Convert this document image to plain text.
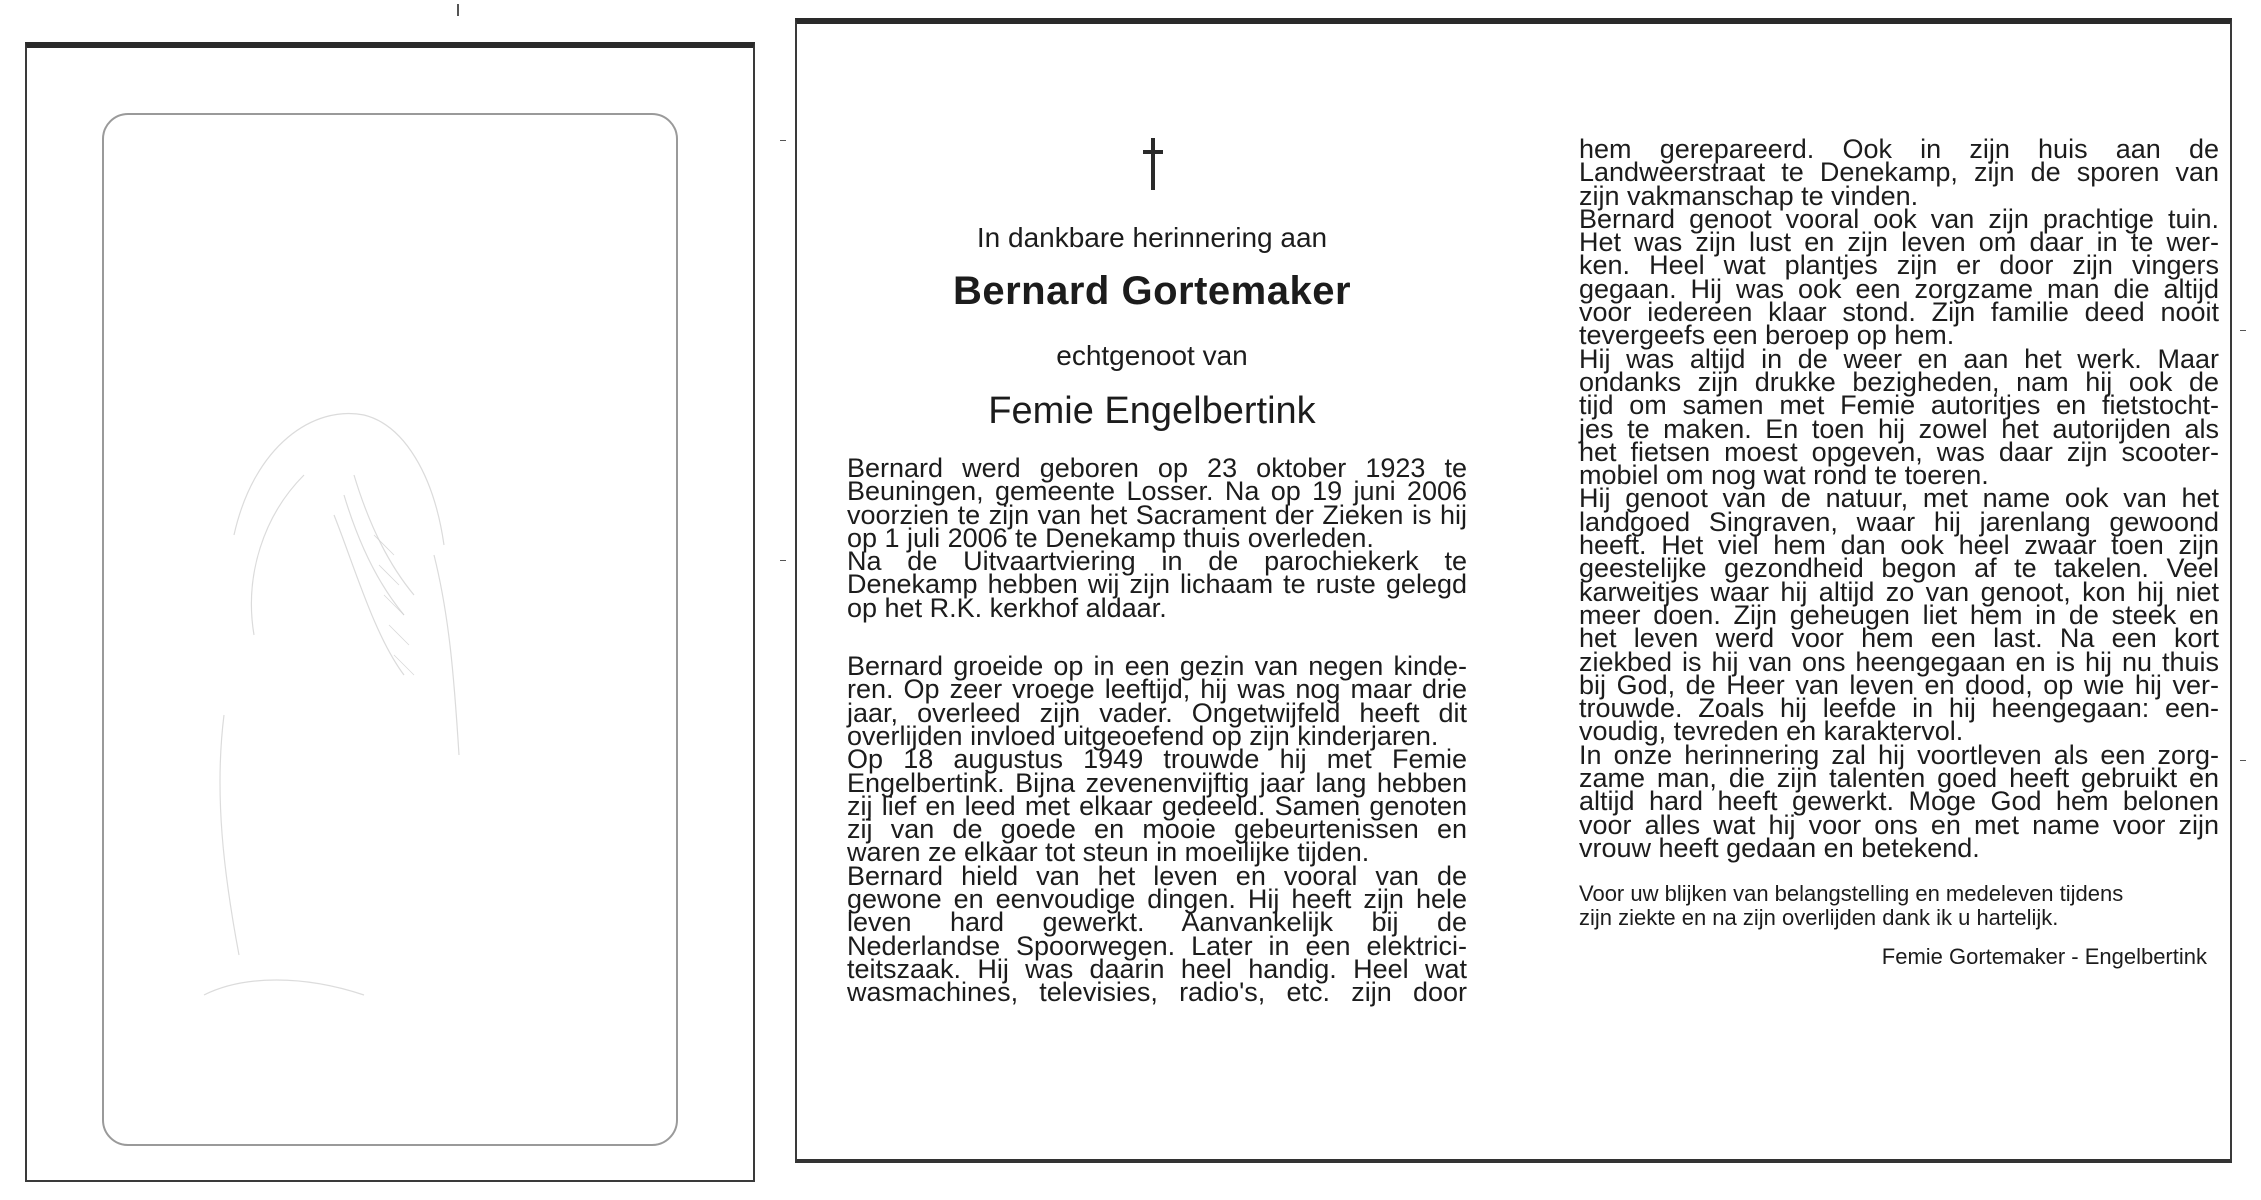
In dankbare herinnering aan
Bernard Gortemaker
echtgenoot van
Femie Engelbertink

Bernard werd geboren op 23 oktober 1923 te
Beuningen, gemeente Losser. Na op 19 juni 2006
voorzien te zijn van het Sacrament der Zieken is hij
op 1 juli 2006 te Denekamp thuis overleden.
Na de Uitvaartviering in de parochiekerk te
Denekamp hebben wij zijn lichaam te ruste gelegd
op het R.K. kerkhof aldaar.

Bernard groeide op in een gezin van negen kinde-
ren. Op zeer vroege leeftijd, hij was nog maar drie
jaar, overleed zijn vader. Ongetwijfeld heeft dit
overlijden invloed uitgeoefend op zijn kinderjaren.
Op 18 augustus 1949 trouwde hij met Femie
Engelbertink. Bijna zevenenvijftig jaar lang hebben
zij lief en leed met elkaar gedeeld. Samen genoten
zij van de goede en mooie gebeurtenissen en
waren ze elkaar tot steun in moeilijke tijden.
Bernard hield van het leven en vooral van de
gewone en eenvoudige dingen. Hij heeft zijn hele
leven hard gewerkt. Aanvankelijk bij de
Nederlandse Spoorwegen. Later in een elektrici-
teitszaak. Hij was daarin heel handig. Heel wat
wasmachines, televisies, radio's, etc. zijn door

hem gerepareerd. Ook in zijn huis aan de
Landweerstraat te Denekamp, zijn de sporen van
zijn vakmanschap te vinden.
Bernard genoot vooral ook van zijn prachtige tuin.
Het was zijn lust en zijn leven om daar in te wer-
ken. Heel wat plantjes zijn er door zijn vingers
gegaan. Hij was ook een zorgzame man die altijd
voor iedereen klaar stond. Zijn familie deed nooit
tevergeefs een beroep op hem.
Hij was altijd in de weer en aan het werk. Maar
ondanks zijn drukke bezigheden, nam hij ook de
tijd om samen met Femie autoritjes en fietstocht-
jes te maken. En toen hij zowel het autorijden als
het fietsen moest opgeven, was daar zijn scooter-
mobiel om nog wat rond te toeren.
Hij genoot van de natuur, met name ook van het
landgoed Singraven, waar hij jarenlang gewoond
heeft. Het viel hem dan ook heel zwaar toen zijn
geestelijke gezondheid begon af te takelen. Veel
karweitjes waar hij altijd zo van genoot, kon hij niet
meer doen. Zijn geheugen liet hem in de steek en
het leven werd voor hem een last. Na een kort
ziekbed is hij van ons heengegaan en is hij nu thuis
bij God, de Heer van leven en dood, op wie hij ver-
trouwde. Zoals hij leefde in hij heengegaan: een-
voudig, tevreden en karaktervol.
In onze herinnering zal hij voortleven als een zorg-
zame man, die zijn talenten goed heeft gebruikt en
altijd hard heeft gewerkt. Moge God hem belonen
voor alles wat hij voor ons en met name voor zijn
vrouw heeft gedaan en betekend.

Voor uw blijken van belangstelling en medeleven tijdens
zijn ziekte en na zijn overlijden dank ik u hartelijk.
Femie Gortemaker - Engelbertink
